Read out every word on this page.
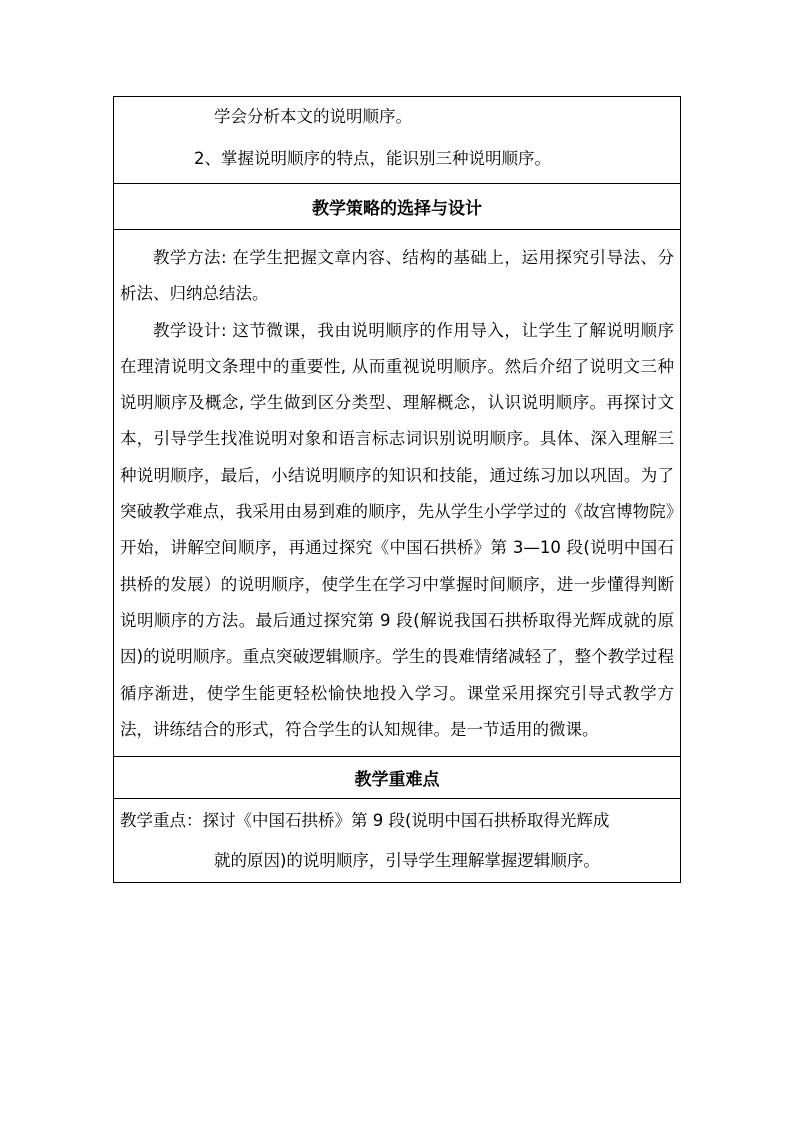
学会分析本文的说明顺序。
2、掌握说明顺序的特点，能识别三种说明顺序。
教学策略的选择与设计

教学方法: 在学生把握文章内容、结构的基础上，运用探究引导法、分析法、归纳总结法。

教学设计: 这节微课，我由说明顺序的作用导入，让学生了解说明顺序在理清说明文条理中的重要性, 从而重视说明顺序。然后介绍了说明文三种说明顺序及概念, 学生做到区分类型、理解概念，认识说明顺序。再探讨文本，引导学生找准说明对象和语言标志词识别说明顺序。具体、深入理解三种说明顺序，最后，小结说明顺序的知识和技能，通过练习加以巩固。为了突破教学难点，我采用由易到难的顺序，先从学生小学学过的《故宫博物院》开始，讲解空间顺序，再通过探究《中国石拱桥》第 3—10 段(说明中国石拱桥的发展）的说明顺序，使学生在学习中掌握时间顺序，进一步懂得判断说明顺序的方法。最后通过探究第 9 段(解说我国石拱桥取得光辉成就的原因)的说明顺序。重点突破逻辑顺序。学生的畏难情绪减轻了，整个教学过程循序渐进，使学生能更轻松愉快地投入学习。课堂采用探究引导式教学方法，讲练结合的形式，符合学生的认知规律。是一节适用的微课。

教学重难点
教学重点：探讨《中国石拱桥》第 9 段(说明中国石拱桥取得光辉成
就的原因)的说明顺序，引导学生理解掌握逻辑顺序。
